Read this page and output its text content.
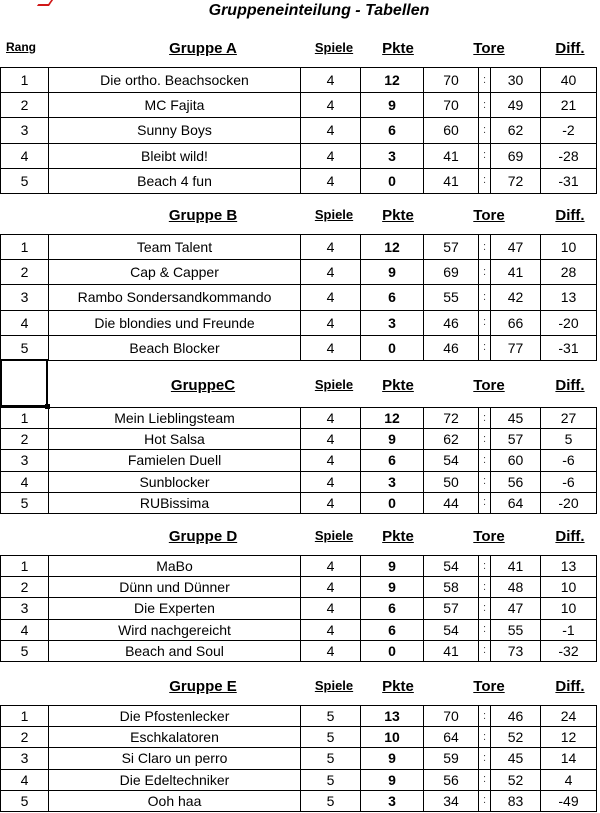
Gruppeneinteilung - Tabellen
Rang	Gruppe A	Spiele	Pkte	Tore	Diff.
1	Die ortho. Beachsocken	4	12	70	:	30	40
2	MC Fajita	4	9	70	:	49	21
3	Sunny Boys	4	6	60	:	62	-2
4	Bleibt wild!	4	3	41	:	69	-28
5	Beach 4 fun	4	0	41	:	72	-31
Gruppe B	Spiele	Pkte	Tore	Diff.
1	Team Talent	4	12	57	:	47	10
2	Cap & Capper	4	9	69	:	41	28
3	Rambo Sondersandkommando	4	6	55	:	42	13
4	Die blondies und Freunde	4	3	46	:	66	-20
5	Beach Blocker	4	0	46	:	77	-31
GruppeC	Spiele	Pkte	Tore	Diff.
1	Mein Lieblingsteam	4	12	72	:	45	27
2	Hot Salsa	4	9	62	:	57	5
3	Famielen Duell	4	6	54	:	60	-6
4	Sunblocker	4	3	50	:	56	-6
5	RUBissima	4	0	44	:	64	-20
Gruppe D	Spiele	Pkte	Tore	Diff.
1	MaBo	4	9	54	:	41	13
2	Dünn und Dünner	4	9	58	:	48	10
3	Die Experten	4	6	57	:	47	10
4	Wird nachgereicht	4	6	54	:	55	-1
5	Beach and Soul	4	0	41	:	73	-32
Gruppe E	Spiele	Pkte	Tore	Diff.
1	Die Pfostenlecker	5	13	70	:	46	24
2	Eschkalatoren	5	10	64	:	52	12
3	Si Claro un perro	5	9	59	:	45	14
4	Die Edeltechniker	5	9	56	:	52	4
5	Ooh haa	5	3	34	:	83	-49
